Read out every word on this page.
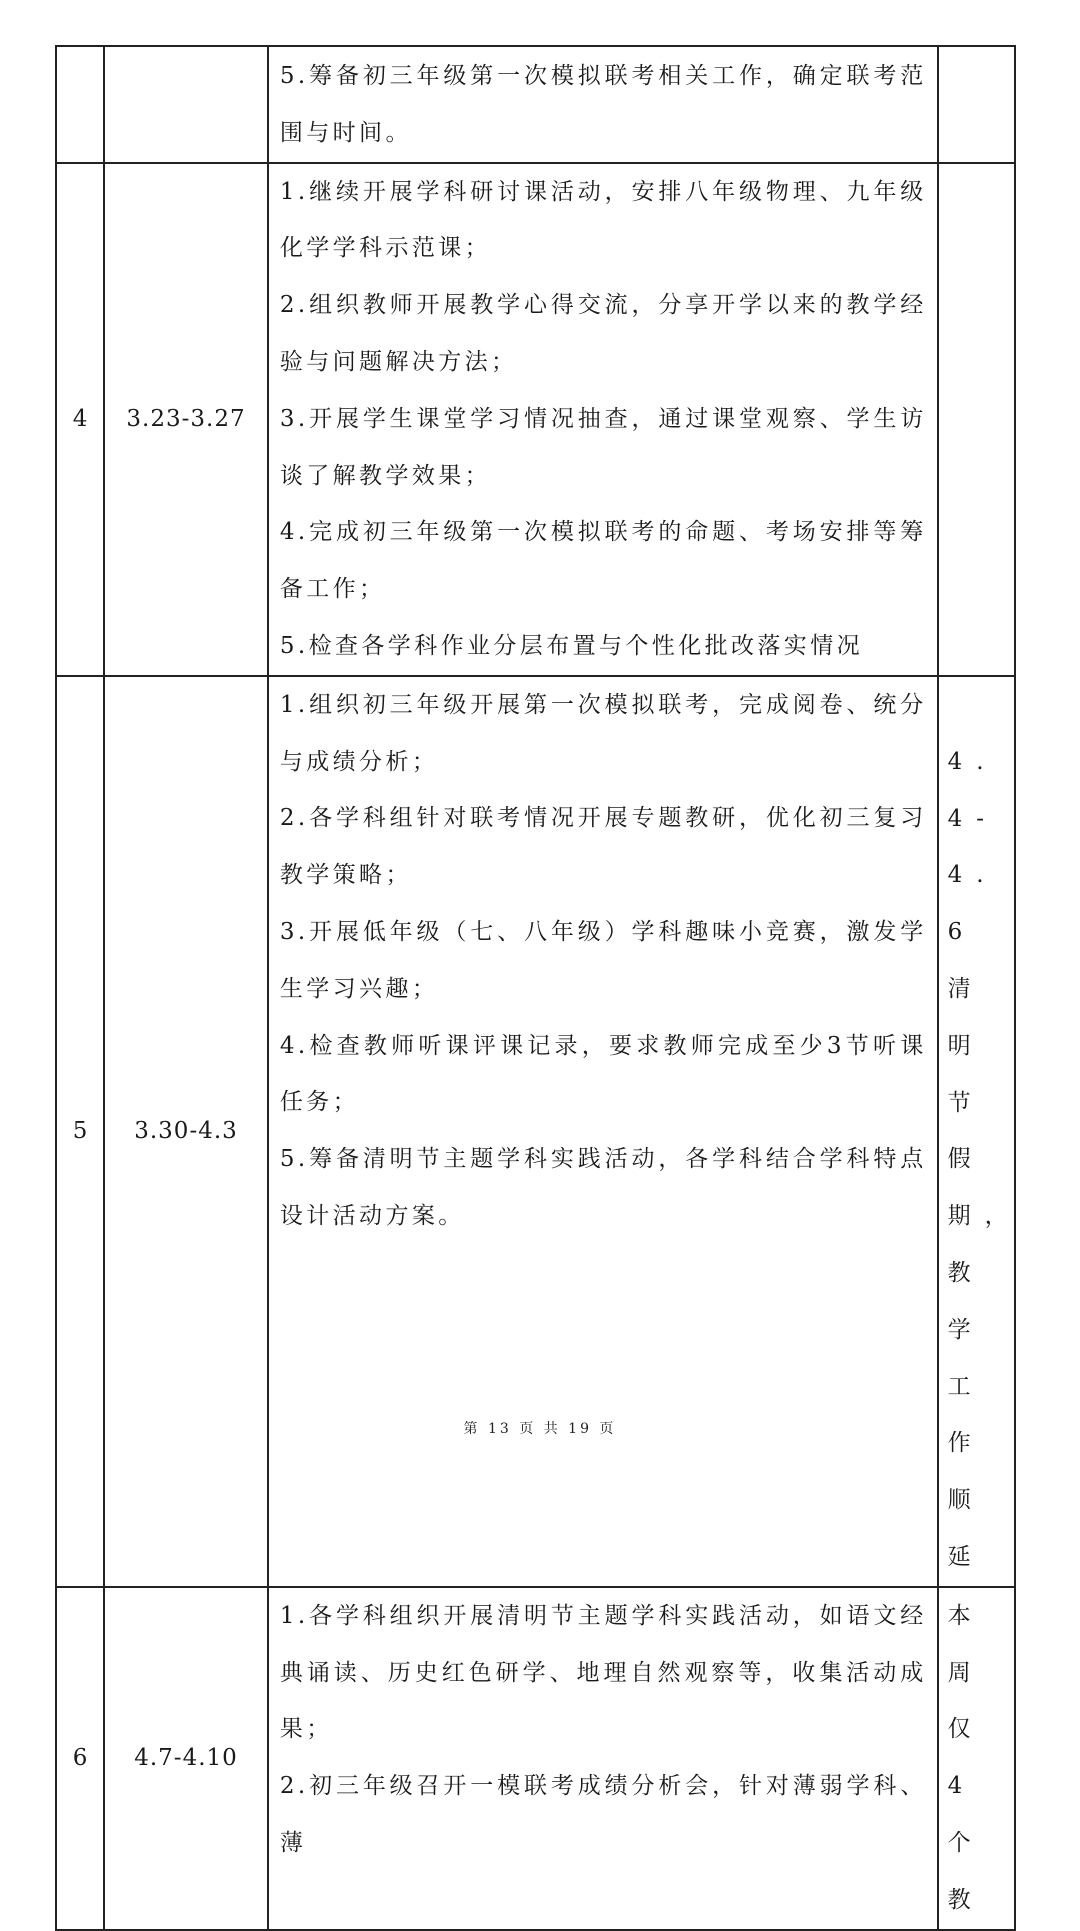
		5.筹备初三年级第一次模拟联考相关工作，确定联考范围与时间。	

4	3.23-3.27	1.继续开展学科研讨课活动，安排八年级物理、九年级化学学科示范课；

2.组织教师开展教学心得交流，分享开学以来的教学经验与问题解决方法；

3.开展学生课堂学习情况抽查，通过课堂观察、学生访谈了解教学效果；

4.完成初三年级第一次模拟联考的命题、考场安排等筹备工作；

5.检查各学科作业分层布置与个性化批改落实情况	

5	3.30-4.3	1.组织初三年级开展第一次模拟联考，完成阅卷、统分与成绩分析；

2.各学科组针对联考情况开展专题教研，优化初三复习教学策略；

3.开展低年级（七、八年级）学科趣味小竞赛，激发学生学习兴趣；

4.检查教师听课评课记录，要求教师完成至少3节听课任务；

5.筹备清明节主题学科实践活动，各学科结合学科特点设计活动方案。	4.4-4.6清明节假期，教学工作顺延

6	4.7-4.10	1.各学科组织开展清明节主题学科实践活动，如语文经典诵读、历史红色研学、地理自然观察等，收集活动成果；

2.初三年级召开一模联考成绩分析会，针对薄弱学科、薄	本周仅4个教

第 13 页 共 19 页
